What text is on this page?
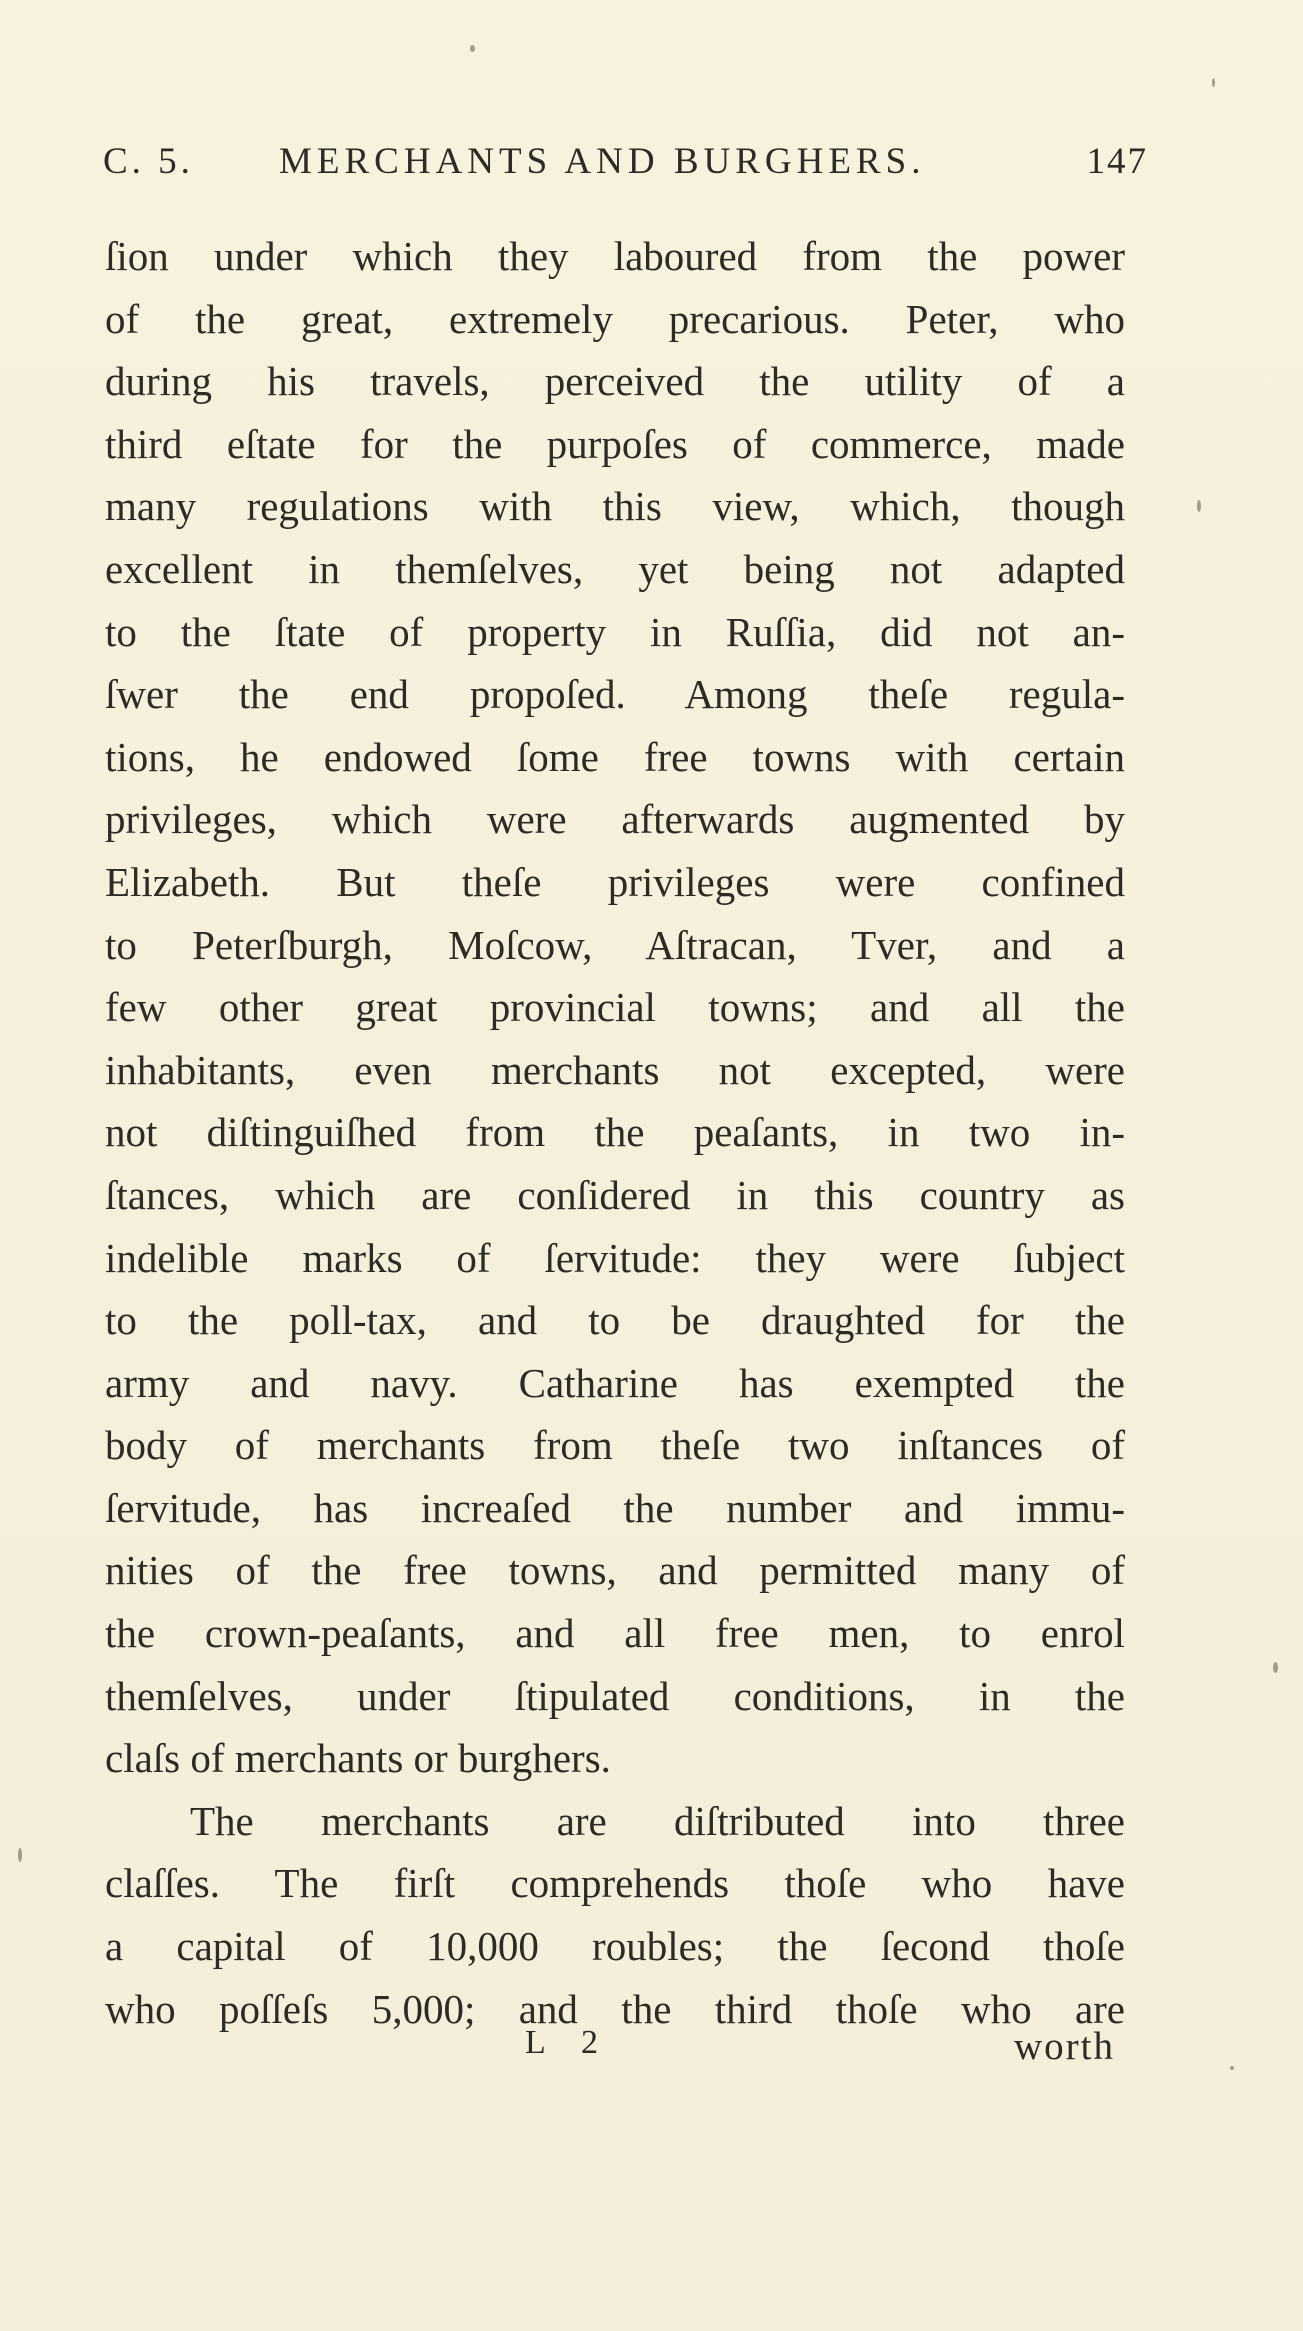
C. 5. MERCHANTS AND BURGHERS.	147
ſion under which they laboured from the power
of the great, extremely precarious. Peter, who
during his travels, perceived the utility of a
third eſtate for the purpoſes of commerce, made
many regulations with this view, which, though
excellent in themſelves, yet being not adapted
to the ſtate of property in Ruſſia, did not an-
ſwer the end propoſed. Among theſe regula-
tions, he endowed ſome free towns with certain
privileges, which were afterwards augmented by
Elizabeth. But theſe privileges were confined
to Peterſburgh, Moſcow, Aſtracan, Tver, and a
few other great provincial towns; and all the
inhabitants, even merchants not excepted, were
not diſtinguiſhed from the peaſants, in two in-
ſtances, which are conſidered in this country as
indelible marks of ſervitude: they were ſubject
to the poll-tax, and to be draughted for the
army and navy. Catharine has exempted the
body of merchants from theſe two inſtances of
ſervitude, has increaſed the number and immu-
nities of the free towns, and permitted many of
the crown-peaſants, and all free men, to enrol
themſelves, under ſtipulated conditions, in the
claſs of merchants or burghers.
The merchants are diſtributed into three
claſſes. The firſt comprehends thoſe who have
a capital of 10,000 roubles; the ſecond thoſe
who poſſeſs 5,000; and the third thoſe who are
L 2	worth
